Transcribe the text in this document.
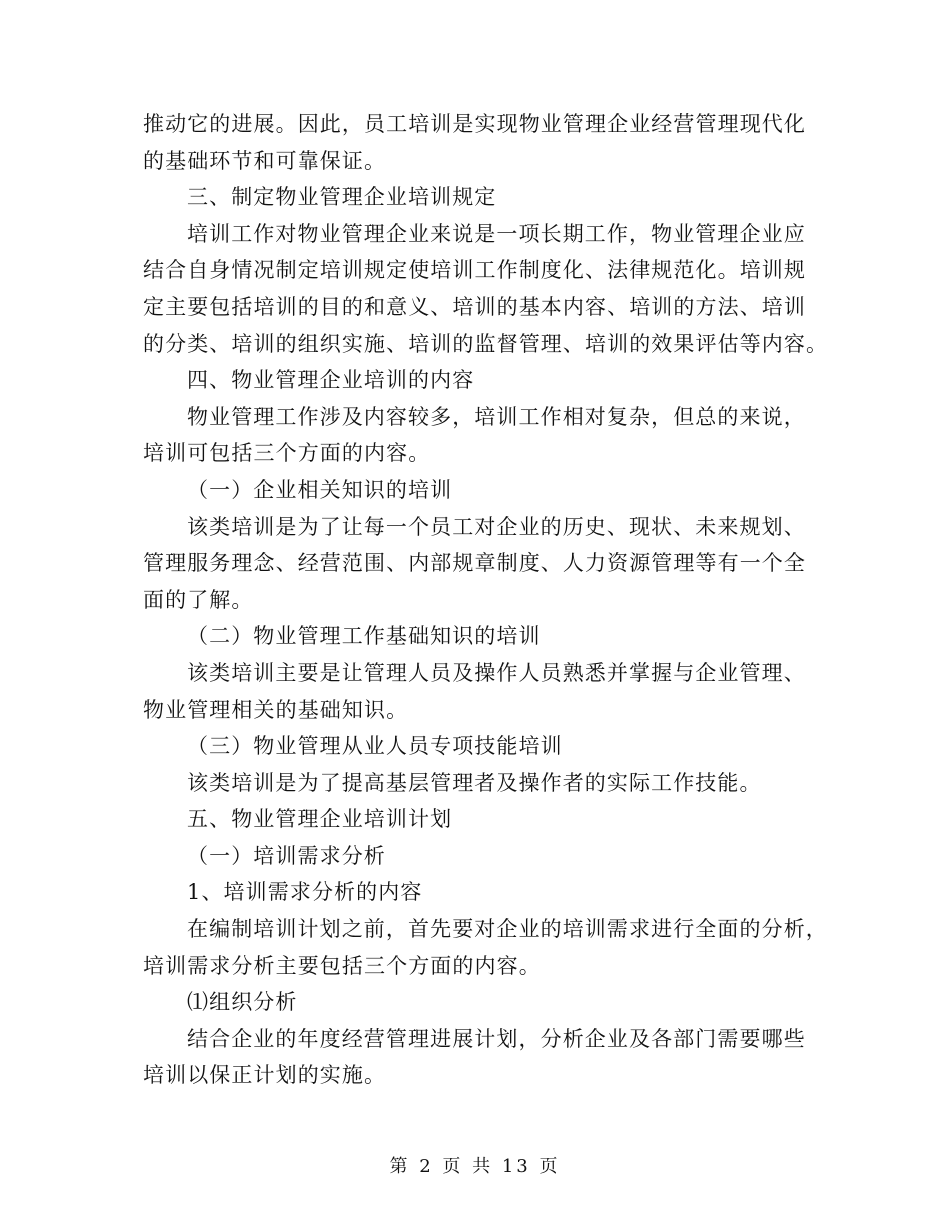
推动它的进展。因此，员工培训是实现物业管理企业经营管理现代化
的基础环节和可靠保证。
三、制定物业管理企业培训规定
培训工作对物业管理企业来说是一项长期工作，物业管理企业应
结合自身情况制定培训规定使培训工作制度化、法律规范化。培训规
定主要包括培训的目的和意义、培训的基本内容、培训的方法、培训
的分类、培训的组织实施、培训的监督管理、培训的效果评估等内容。
四、物业管理企业培训的内容
物业管理工作涉及内容较多，培训工作相对复杂，但总的来说，
培训可包括三个方面的内容。
（一）企业相关知识的培训
该类培训是为了让每一个员工对企业的历史、现状、未来规划、
管理服务理念、经营范围、内部规章制度、人力资源管理等有一个全
面的了解。
（二）物业管理工作基础知识的培训
该类培训主要是让管理人员及操作人员熟悉并掌握与企业管理、
物业管理相关的基础知识。
（三）物业管理从业人员专项技能培训
该类培训是为了提高基层管理者及操作者的实际工作技能。
五、物业管理企业培训计划
（一）培训需求分析
1、培训需求分析的内容
在编制培训计划之前，首先要对企业的培训需求进行全面的分析，
培训需求分析主要包括三个方面的内容。
⑴组织分析
结合企业的年度经营管理进展计划，分析企业及各部门需要哪些
培训以保正计划的实施。
第 2 页 共 13 页
